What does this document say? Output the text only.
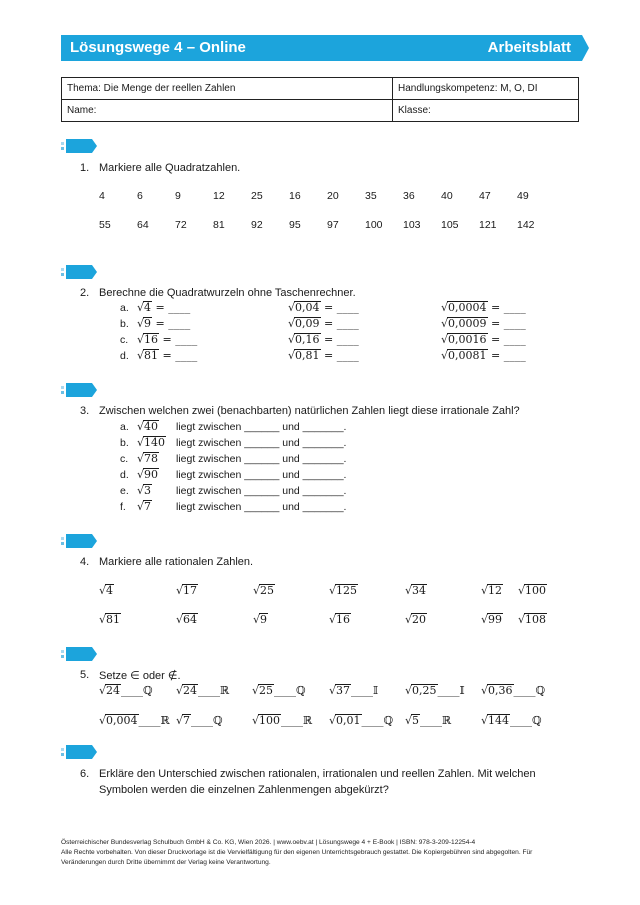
Lösungswege 4 – Online	Arbeitsblatt
Thema: Die Menge der reellen Zahlen	Handlungskompetenz: M, O, DI
Name:	Klasse:
1. Markiere alle Quadratzahlen.
4	6	9	12	25	16	20	35	36	40	47	49
55	64	72	81	92	95	97	100 103 105 121 142
2. Berechne die Quadratwurzeln ohne Taschenrechner.
a. √4 = ____	√0,04 = ____	√0,0004 = ____
b. √9 = ____	√0,09 = ____	√0,0009 = ____
c. √16 = ____	√0,16 = ____	√0,0016 = ____
d. √81 = ____	√0,81 = ____	√0,0081 = ____
3. Zwischen welchen zwei (benachbarten) natürlichen Zahlen liegt diese irrationale Zahl?
a. √40 liegt zwischen ______ und _______.
b. √140 liegt zwischen ______ und _______.
c. √78 liegt zwischen ______ und _______.
d. √90 liegt zwischen ______ und _______.
e. √3 liegt zwischen ______ und _______.
f. √7 liegt zwischen ______ und _______.
4. Markiere alle rationalen Zahlen.
√4	√17	√25	√125	√34	√12 √100
√81	√64	√9	√16	√20	√99 √108
5. Setze ∈ oder ∉.
√24____ℚ √24____ℝ √25____ℚ √37____𝕀 √0,25____𝕀 √0,36____ℚ
√0,004____ℝ √7____ℚ	√100____ℝ √0,01____ℚ √5____ℝ	√144____ℚ
6. Erkläre den Unterschied zwischen rationalen, irrationalen und reellen Zahlen. Mit welchen
Symbolen werden die einzelnen Zahlenmengen abgekürzt?
Österreichischer Bundesverlag Schulbuch GmbH & Co. KG, Wien 2026. | www.oebv.at | Lösungswege 4 + E-Book | ISBN: 978-3-209-12254-4
Alle Rechte vorbehalten. Von dieser Druckvorlage ist die Vervielfältigung für den eigenen Unterrichtsgebrauch gestattet. Die Kopiergebühren sind abgegolten. Für
Veränderungen durch Dritte übernimmt der Verlag keine Verantwortung.
